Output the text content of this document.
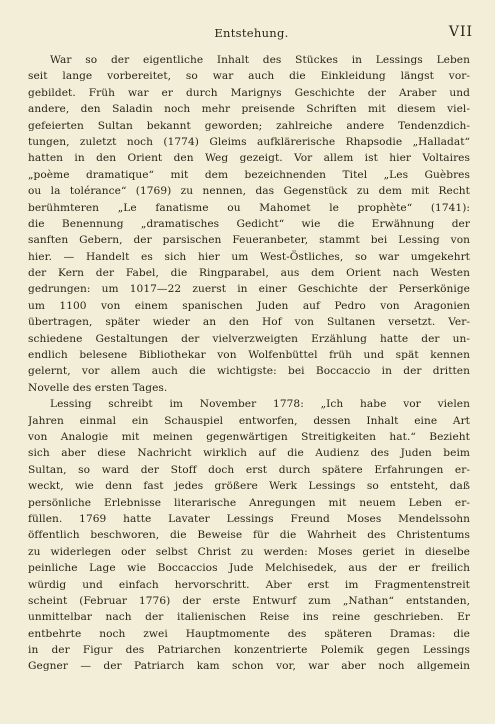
Entstehung.	VII
War so der eigentliche Inhalt des Stückes in Lessings Leben
seit lange vorbereitet, so war auch die Einkleidung längst vor-
gebildet. Früh war er durch Marignys Geschichte der Araber und
andere, den Saladin noch mehr preisende Schriften mit diesem viel-
gefeierten Sultan bekannt geworden; zahlreiche andere Tendenzdich-
tungen, zuletzt noch (1774) Gleims aufklärerische Rhapsodie „Halladat“
hatten in den Orient den Weg gezeigt. Vor allem ist hier Voltaires
„poème dramatique“ mit dem bezeichnenden Titel „Les Guèbres
ou la tolérance“ (1769) zu nennen, das Gegenstück zu dem mit Recht
berühmteren „Le fanatisme ou Mahomet le prophète“ (1741):
die Benennung „dramatisches Gedicht“ wie die Erwähnung der
sanften Gebern, der parsischen Feueranbeter, stammt bei Lessing von
hier. — Handelt es sich hier um West-Östliches, so war umgekehrt
der Kern der Fabel, die Ringparabel, aus dem Orient nach Westen
gedrungen: um 1017—22 zuerst in einer Geschichte der Perserkönige
um 1100 von einem spanischen Juden auf Pedro von Aragonien
übertragen, später wieder an den Hof von Sultanen versetzt. Ver-
schiedene Gestaltungen der vielverzweigten Erzählung hatte der un-
endlich belesene Bibliothekar von Wolfenbüttel früh und spät kennen
gelernt, vor allem auch die wichtigste: bei Boccaccio in der dritten
Novelle des ersten Tages.
Lessing schreibt im November 1778: „Ich habe vor vielen
Jahren einmal ein Schauspiel entworfen, dessen Inhalt eine Art
von Analogie mit meinen gegenwärtigen Streitigkeiten hat.“ Bezieht
sich aber diese Nachricht wirklich auf die Audienz des Juden beim
Sultan, so ward der Stoff doch erst durch spätere Erfahrungen er-
weckt, wie denn fast jedes größere Werk Lessings so entsteht, daß
persönliche Erlebnisse literarische Anregungen mit neuem Leben er-
füllen. 1769 hatte Lavater Lessings Freund Moses Mendelssohn
öffentlich beschworen, die Beweise für die Wahrheit des Christentums
zu widerlegen oder selbst Christ zu werden: Moses geriet in dieselbe
peinliche Lage wie Boccaccios Jude Melchisedek, aus der er freilich
würdig und einfach hervorschritt. Aber erst im Fragmentenstreit
scheint (Februar 1776) der erste Entwurf zum „Nathan“ entstanden,
unmittelbar nach der italienischen Reise ins reine geschrieben. Er
entbehrte noch zwei Hauptmomente des späteren Dramas: die
in der Figur des Patriarchen konzentrierte Polemik gegen Lessings
Gegner — der Patriarch kam schon vor, war aber noch allgemein
